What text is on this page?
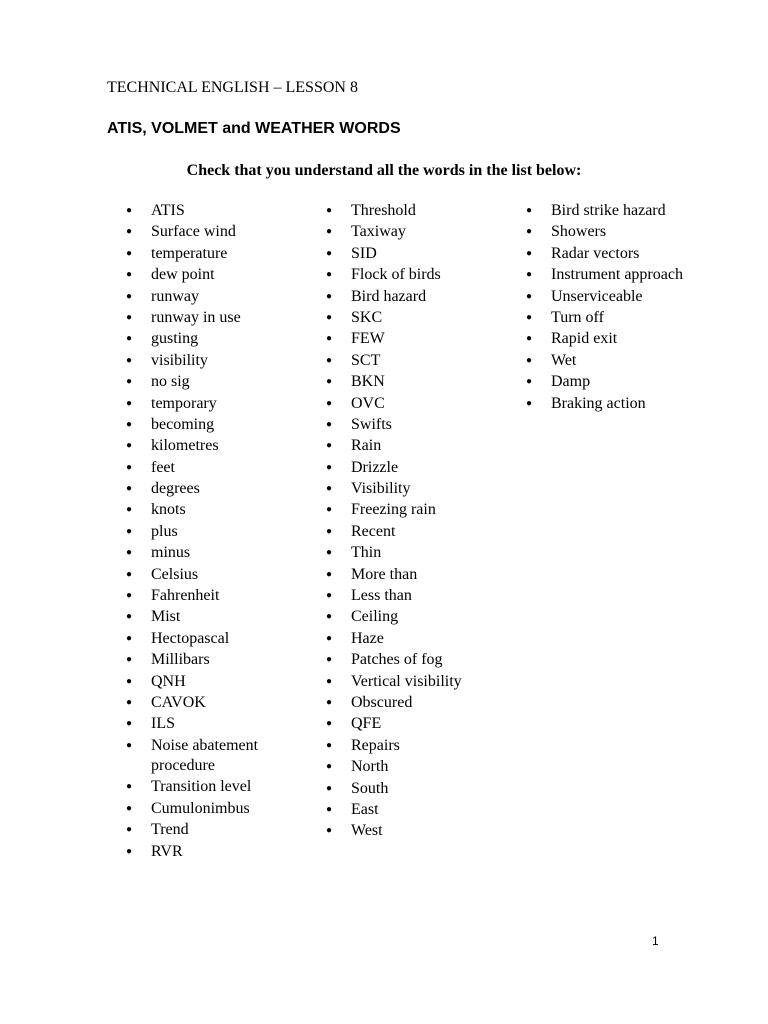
TECHNICAL ENGLISH – LESSON 8

ATIS, VOLMET and WEATHER WORDS

Check that you understand all the words in the list below:

●
ATIS
●
Surface wind
●
temperature
●
dew point
●
runway
●
runway in use
●
gusting
●
visibility
●
no sig
●
temporary
●
becoming
●
kilometres
●
feet
●
degrees
●
knots
●
plus
●
minus
●
Celsius
●
Fahrenheit
●
Mist
●
Hectopascal
●
Millibars
●
QNH
●
CAVOK
●
ILS
●
Noise abatement procedure
●
Transition level
●
Cumulonimbus
●
Trend
●
RVR
●
Threshold
●
Taxiway
●
SID
●
Flock of birds
●
Bird hazard
●
SKC
●
FEW
●
SCT
●
BKN
●
OVC
●
Swifts
●
Rain
●
Drizzle
●
Visibility
●
Freezing rain
●
Recent
●
Thin
●
More than
●
Less than
●
Ceiling
●
Haze
●
Patches of fog
●
Vertical visibility
●
Obscured
●
QFE
●
Repairs
●
North
●
South
●
East
●
West
●
Bird strike hazard
●
Showers
●
Radar vectors
●
Instrument approach
●
Unserviceable
●
Turn off
●
Rapid exit
●
Wet
●
Damp
●
Braking action

1
